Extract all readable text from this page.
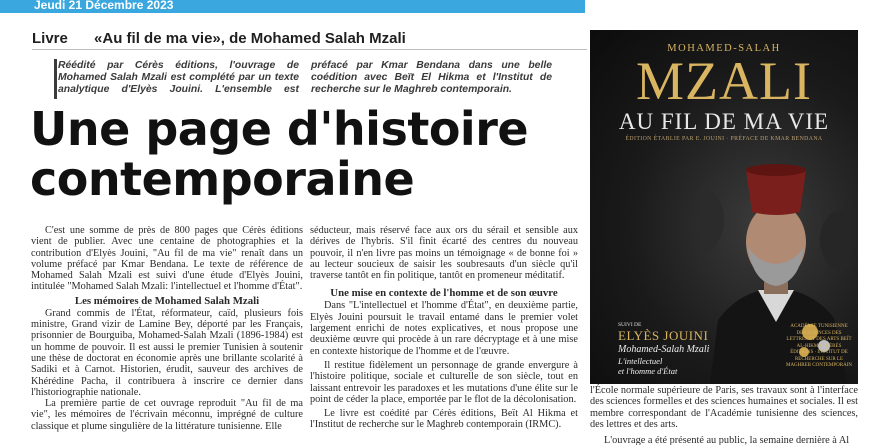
Jeudi 21 Décembre 2023
Livre «Au fil de ma vie», de Mohamed Salah Mzali
Réédité par Cérès éditions, l'ouvrage de Mohamed Salah Mzali est complété par un texte analytique d'Elyès Jouini. L'ensemble est préfacé par Kmar Bendana dans une belle coédition avec Beït El Hikma et l'Institut de recherche sur le Maghreb contemporain.
Une page d'histoire
contemporaine

C'est une somme de près de 800 pages que Cérès éditions vient de publier. Avec une centaine de photographies et la contribution d'Elyès Jouini, "Au fil de ma vie" renaît dans un volume préfacé par Kmar Bendana. Le texte de référence de Mohamed Salah Mzali est suivi d'une étude d'Elyès Jouini, intitulée "Mohamed Salah Mzali: l'intellectuel et l'homme d'État".

Les mémoires de Mohamed Salah Mzali

Grand commis de l'État, réformateur, caïd, plusieurs fois ministre, Grand vizir de Lamine Bey, déporté par les Français, prisonnier de Bourguiba, Mohamed-Salah Mzali (1896-1984) est un homme de pouvoir. Il est aussi le premier Tunisien à soutenir une thèse de doctorat en économie après une brillante scolarité à Sadiki et à Carnot. Historien, érudit, sauveur des archives de Khérédine Pacha, il contribuera à inscrire ce dernier dans l'historiographie nationale.

La première partie de cet ouvrage reproduit "Au fil de ma vie", les mémoires de l'écrivain méconnu, imprégné de culture classique et plume singulière de la littérature tunisienne. Elle

séducteur, mais réservé face aux ors du sérail et sensible aux dérives de l'hybris. S'il finit écarté des centres du nouveau pouvoir, il n'en livre pas moins un témoignage « de bonne foi » au lecteur soucieux de saisir les soubresauts d'un siècle qu'il traverse tantôt en fin politique, tantôt en promeneur méditatif.

Une mise en contexte de l'homme et de son œuvre

Dans "L'intellectuel et l'homme d'État", en deuxième partie, Elyès Jouini poursuit le travail entamé dans le premier volet largement enrichi de notes explicatives, et nous propose une deuxième œuvre qui procède à un rare décryptage et à une mise en contexte historique de l'homme et de l'œuvre.

Il restitue fidèlement un personnage de grande envergure à l'histoire politique, sociale et culturelle de son siècle, tout en laissant entrevoir les paradoxes et les mutations d'une élite sur le point de céder la place, emportée par le flot de la décolonisation.

Le livre est coédité par Cérès éditions, Beït Al Hikma et l'Institut de recherche sur le Maghreb contemporain (IRMC).

l'École normale supérieure de Paris, ses travaux sont à l'interface des sciences formelles et des sciences humaines et sociales. Il est membre correspondant de l'Académie tunisienne des sciences, des lettres et des arts.

L'ouvrage a été présenté au public, la semaine dernière à Al

MOHAMED-SALAH
MZALI
AU FIL DE MA VIE
ÉDITION ÉTABLIE PAR E. JOUINI · PRÉFACE DE KMAR BENDANA
SUIVI DE
ELYÈS JOUINI
Mohamed-Salah Mzali
L'intellectuel
et l'homme d'État
ACADÉMIE TUNISIENNE DES SCIENCES DES LETTRES ET DES ARTS BEÏT AL-HIKMA · CÉRÈS ÉDITIONS · INSTITUT DE RECHERCHE SUR LE MAGHREB CONTEMPORAIN
